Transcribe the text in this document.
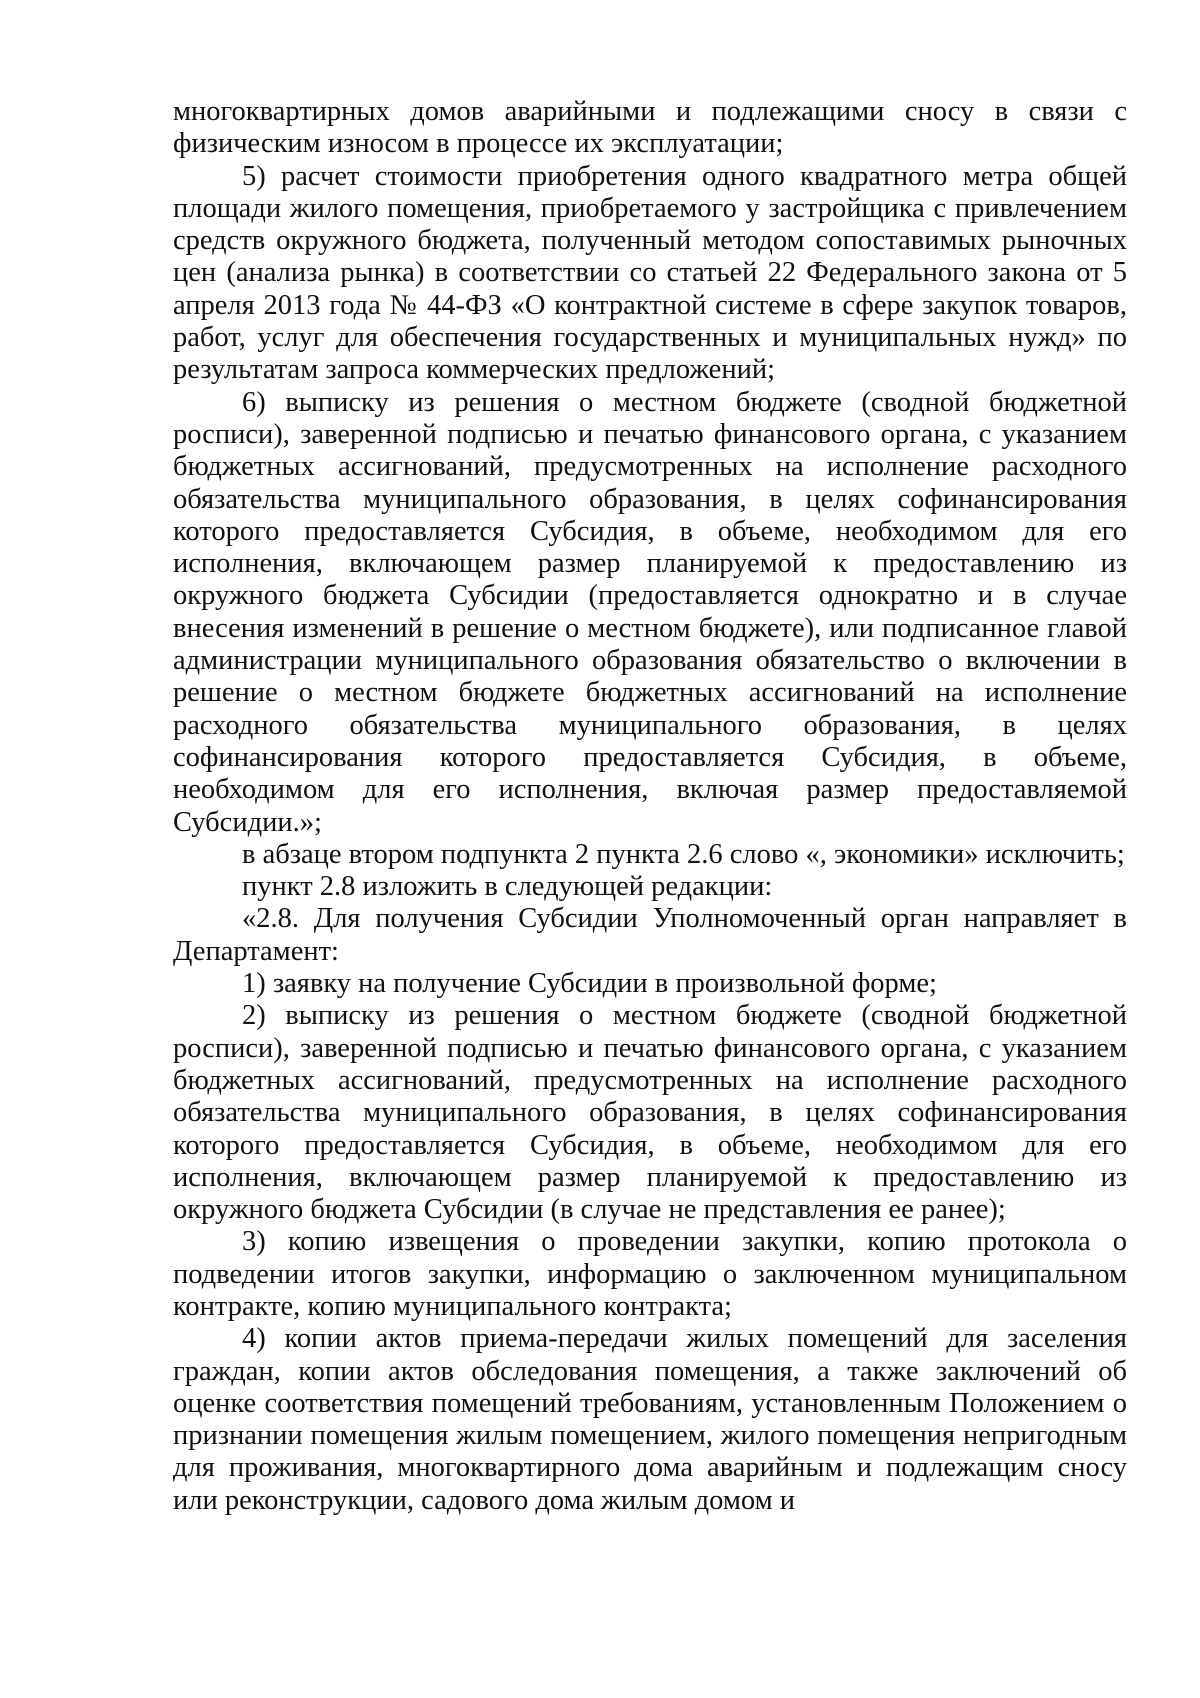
многоквартирных домов аварийными и подлежащими сносу в связи с физическим износом в процессе их эксплуатации;

5) расчет стоимости приобретения одного квадратного метра общей площади жилого помещения, приобретаемого у застройщика с привлечением средств окружного бюджета, полученный методом сопоставимых рыночных цен (анализа рынка) в соответствии со статьей 22 Федерального закона от 5 апреля 2013 года № 44-ФЗ «О контрактной системе в сфере закупок товаров, работ, услуг для обеспечения государственных и муниципальных нужд» по результатам запроса коммерческих предложений;

6) выписку из решения о местном бюджете (сводной бюджетной росписи), заверенной подписью и печатью финансового органа, с указанием бюджетных ассигнований, предусмотренных на исполнение расходного обязательства муниципального образования, в целях софинансирования которого предоставляется Субсидия, в объеме, необходимом для его исполнения, включающем размер планируемой к предоставлению из окружного бюджета Субсидии (предоставляется однократно и в случае внесения изменений в решение о местном бюджете), или подписанное главой администрации муниципального образования обязательство о включении в решение о местном бюджете бюджетных ассигнований на исполнение расходного обязательства муниципального образования, в целях софинансирования которого предоставляется Субсидия, в объеме, необходимом для его исполнения, включая размер предоставляемой Субсидии.»;

в абзаце втором подпункта 2 пункта 2.6 слово «, экономики» исключить;

пункт 2.8 изложить в следующей редакции:

«2.8. Для получения Субсидии Уполномоченный орган направляет в Департамент:

1) заявку на получение Субсидии в произвольной форме;

2) выписку из решения о местном бюджете (сводной бюджетной росписи), заверенной подписью и печатью финансового органа, с указанием бюджетных ассигнований, предусмотренных на исполнение расходного обязательства муниципального образования, в целях софинансирования которого предоставляется Субсидия, в объеме, необходимом для его исполнения, включающем размер планируемой к предоставлению из окружного бюджета Субсидии (в случае не представления ее ранее);

3) копию извещения о проведении закупки, копию протокола о подведении итогов закупки, информацию о заключенном муниципальном контракте, копию муниципального контракта;

4) копии актов приема-передачи жилых помещений для заселения граждан, копии актов обследования помещения, а также заключений об оценке соответствия помещений требованиям, установленным Положением о признании помещения жилым помещением, жилого помещения непригодным для проживания, многоквартирного дома аварийным и подлежащим сносу или реконструкции, садового дома жилым домом и
